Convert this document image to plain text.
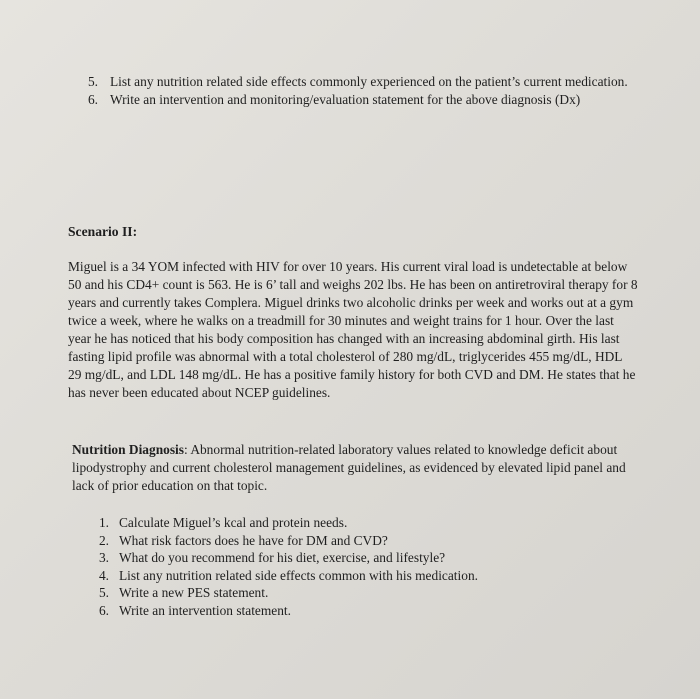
5. List any nutrition related side effects commonly experienced on the patient’s current medication.
6. Write an intervention and monitoring/evaluation statement for the above diagnosis (Dx)
Scenario II:

Miguel is a 34 YOM infected with HIV for over 10 years. His current viral load is undetectable at below 50 and his CD4+ count is 563. He is 6’ tall and weighs 202 lbs. He has been on antiretroviral therapy for 8 years and currently takes Complera. Miguel drinks two alcoholic drinks per week and works out at a gym twice a week, where he walks on a treadmill for 30 minutes and weight trains for 1 hour. Over the last year he has noticed that his body composition has changed with an increasing abdominal girth. His last fasting lipid profile was abnormal with a total cholesterol of 280 mg/dL, triglycerides 455 mg/dL, HDL 29 mg/dL, and LDL 148 mg/dL. He has a positive family history for both CVD and DM. He states that he has never been educated about NCEP guidelines.

Nutrition Diagnosis: Abnormal nutrition-related laboratory values related to knowledge deficit about lipodystrophy and current cholesterol management guidelines, as evidenced by elevated lipid panel and lack of prior education on that topic.

1. Calculate Miguel’s kcal and protein needs.
2. What risk factors does he have for DM and CVD?
3. What do you recommend for his diet, exercise, and lifestyle?
4. List any nutrition related side effects common with his medication.
5. Write a new PES statement.
6. Write an intervention statement.
